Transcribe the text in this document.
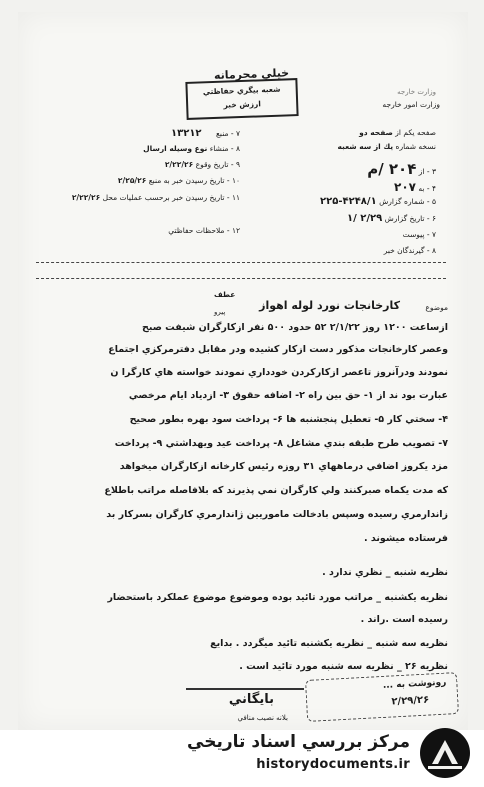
وزارت امور خارجه
وزارت خارجه
خيلي محرمانه
شعبه بيگري حفاظتي
ارزش خبر
صفحه يكم از صفحه دو
نسخه شماره يك از سه شعبه
۳ - از ۲۰۴ /م
۴ - به ۲۰۷
۵ - شماره گزارش ۴۲۴۸/۱-۲۲۵
۶ - تاريخ گزارش ۲/۲۹ /۱
۷ - پيوست
۸ - گيرندگان خبر
۷ - منبع ۱۳۲۱۲
۸ - منشاء نوع وسيله ارسال
۹ - تاريخ وقوع ۲/۲۲/۲۶
۱۰ - تاريخ رسيدن خبر به منبع ۲/۲۵/۲۶
۱۱ - تاريخ رسيدن خبر برحسب عمليات محل ۲/۲۲/۲۶
۱۲ - ملاحظات حفاظتي
موضوع
كارخانجات نورد لوله اهواز
عطف
پيرو
ازساعت ۱۲۰۰ روز ۲/۱/۲۲ ۵۲ حدود ۵۰۰ نفر ازكارگران شيفت صبح
وعصر كارخانجات مذكور دست ازكار كشيده ودر مقابل دفترمركزي اجتماع
نمودند ودرآنروز تاعصر ازكاركردن خودداري نمودند خواسته هاي كارگرا ن
عبارت بود ند از ۱- حق بين راه ۲- اضافه حقوق ۳- ازدياد ايام مرخصي
۴- سختي كار ۵- تعطيل پنجشنبه ها ۶- پرداخت سود بهره بطور صحيح
۷- تصويب طرح طبقه بندي مشاغل ۸- پرداخت عيد ويهداشتي ۹- پرداخت
مزد يكروز اضافي درماههاي ۳۱ روزه رئيس كارخانه ازكارگران ميخواهد
كه مدت يكماه صبركنند ولي كارگران نمي پذيرند كه بلافاصله مراتب باطلاع
زاندارمري رسيده وسپس بادخالت ماموريين ژاندارمري كارگران بسرکار بد
فرستاده ميشوند .
نظريه شنبه _ نظري ندارد .
نظريه يكشنبه _ مراتب مورد تائيد بوده وموضوع موضوع عملكرد باستحضار
رسيده است .راند .
نظريه سه شنبه _ نظريه يكشنبه تائيد ميگردد . بدايع
نظريه ۲۶ _ نظريه سه شنبه مورد تائيد است .
بايگاني
بلانه نصيب منافي
رونوشت به ...
۲/۲۹/۲۶
مركز بررسي اسناد تاريخي
historydocuments.ir
